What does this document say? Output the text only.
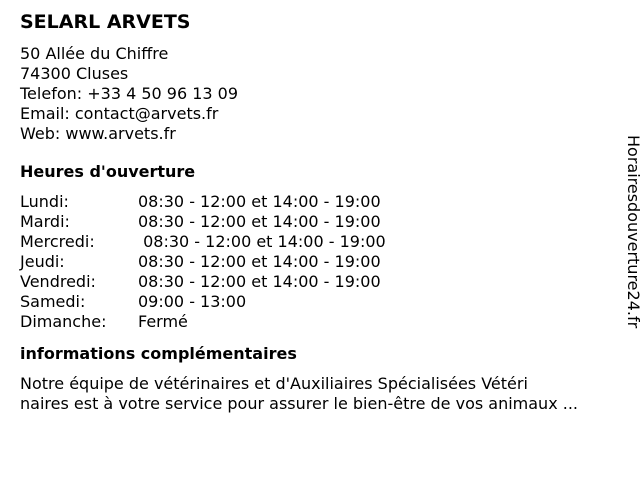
SELARL ARVETS
50 Allée du Chiffre
74300 Cluses
Telefon: +33 4 50 96 13 09
Email: contact@arvets.fr
Web: www.arvets.fr
Heures d'ouverture
Lundi:	08:30 - 12:00 et 14:00 - 19:00
Mardi:	08:30 - 12:00 et 14:00 - 19:00
Mercredi:	08:30 - 12:00 et 14:00 - 19:00
Jeudi:	08:30 - 12:00 et 14:00 - 19:00
Vendredi:	08:30 - 12:00 et 14:00 - 19:00
Samedi:	09:00 - 13:00
Dimanche:	Fermé
informations complémentaires
Notre équipe de vétérinaires et d'Auxiliaires Spécialisées Vétéri
naires est à votre service pour assurer le bien-être de vos animaux ...
Horairesdouverture24.fr
